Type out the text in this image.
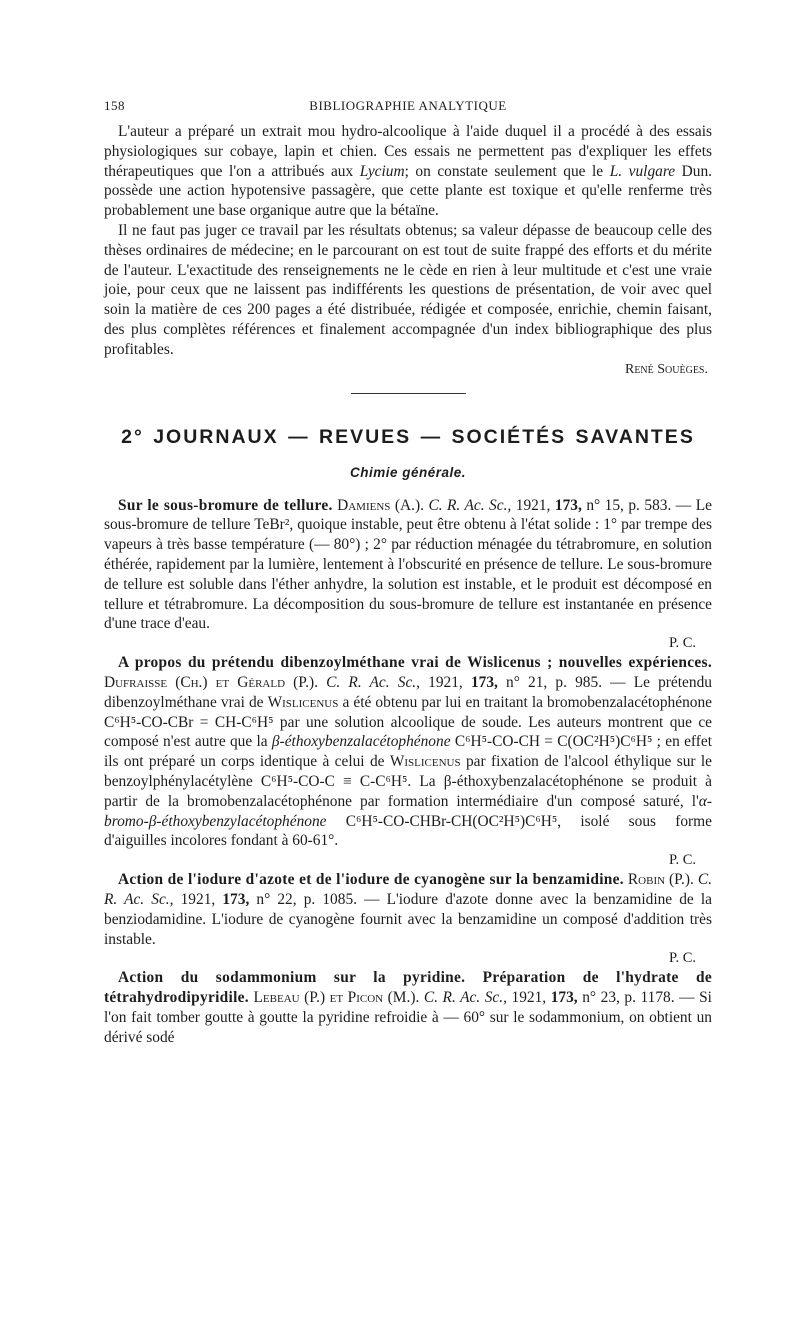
158	BIBLIOGRAPHIE ANALYTIQUE

L'auteur a préparé un extrait mou hydro-alcoolique à l'aide duquel il a procédé à des essais physiologiques sur cobaye, lapin et chien. Ces essais ne permettent pas d'expliquer les effets thérapeutiques que l'on a attribués aux Lycium; on constate seulement que le L. vulgare Dun. possède une action hypotensive passagère, que cette plante est toxique et qu'elle renferme très probablement une base organique autre que la bétaïne.

Il ne faut pas juger ce travail par les résultats obtenus; sa valeur dépasse de beaucoup celle des thèses ordinaires de médecine; en le parcourant on est tout de suite frappé des efforts et du mérite de l'auteur. L'exactitude des renseignements ne le cède en rien à leur multitude et c'est une vraie joie, pour ceux que ne laissent pas indifférents les questions de présentation, de voir avec quel soin la matière de ces 200 pages a été distribuée, rédigée et composée, enrichie, chemin faisant, des plus complètes références et finalement accompagnée d'un index bibliographique des plus profitables.

René Souèges.
2° JOURNAUX — REVUES — SOCIÉTÉS SAVANTES
Chimie générale.

Sur le sous-bromure de tellure. Damiens (A.). C. R. Ac. Sc., 1921, 173, n° 15, p. 583. — Le sous-bromure de tellure TeBr², quoique instable, peut être obtenu à l'état solide : 1° par trempe des vapeurs à très basse température (— 80°) ; 2° par réduction ménagée du tétrabromure, en solution éthérée, rapidement par la lumière, lentement à l'obscurité en présence de tellure. Le sous-bromure de tellure est soluble dans l'éther anhydre, la solution est instable, et le produit est décomposé en tellure et tétrabromure. La décomposition du sous-bromure de tellure est instantanée en présence d'une trace d'eau.

P. C.

A propos du prétendu dibenzoylméthane vrai de Wislicenus ; nouvelles expériences. Dufraisse (Ch.) et Gérald (P.). C. R. Ac. Sc., 1921, 173, n° 21, p. 985. — Le prétendu dibenzoylméthane vrai de Wislicenus a été obtenu par lui en traitant la bromobenzalacétophénone C⁶H⁵-CO-CBr = CH-C⁶H⁵ par une solution alcoolique de soude. Les auteurs montrent que ce composé n'est autre que la β-éthoxybenzalacétophénone C⁶H⁵-CO-CH = C(OC²H⁵)C⁶H⁵ ; en effet ils ont préparé un corps identique à celui de Wislicenus par fixation de l'alcool éthylique sur le benzoylphénylacétylène C⁶H⁵-CO-C ≡ C-C⁶H⁵. La β-éthoxybenzalacétophénone se produit à partir de la bromobenzalacétophénone par formation intermédiaire d'un composé saturé, l'α-bromo-β-éthoxybenzylacétophénone C⁶H⁵-CO-CHBr-CH(OC²H⁵)C⁶H⁵, isolé sous forme d'aiguilles incolores fondant à 60-61°.

P. C.

Action de l'iodure d'azote et de l'iodure de cyanogène sur la benzamidine. Robin (P.). C. R. Ac. Sc., 1921, 173, n° 22, p. 1085. — L'iodure d'azote donne avec la benzamidine de la benziodamidine. L'iodure de cyanogène fournit avec la benzamidine un composé d'addition très instable.

P. C.

Action du sodammonium sur la pyridine. Préparation de l'hydrate de tétrahydrodipyridile. Lebeau (P.) et Picon (M.). C. R. Ac. Sc., 1921, 173, n° 23, p. 1178. — Si l'on fait tomber goutte à goutte la pyridine refroidie à — 60° sur le sodammonium, on obtient un dérivé sodé
